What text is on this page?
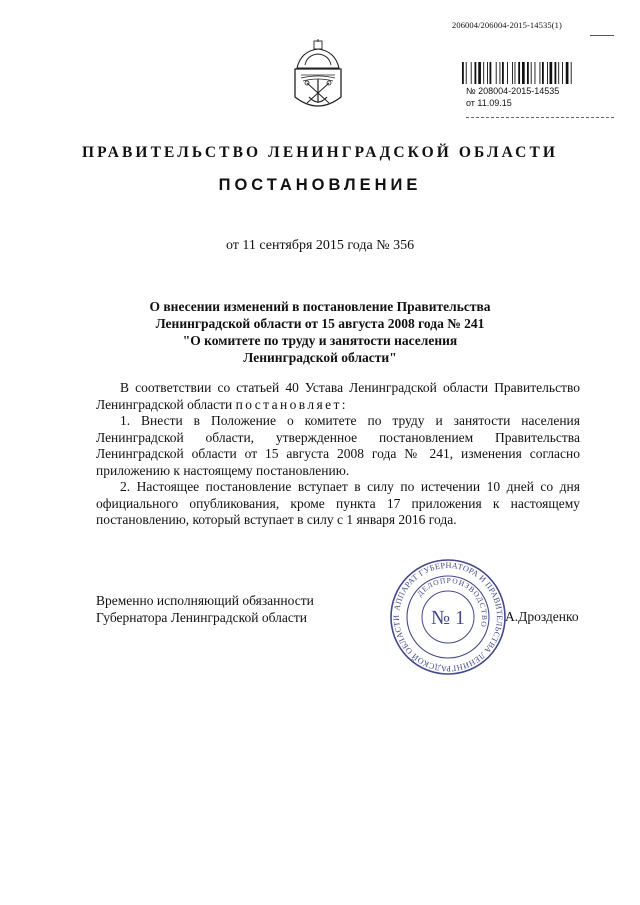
206004/206004-2015-14535(1)
№ 208004-2015-14535
от 11.09.15
ПРАВИТЕЛЬСТВО ЛЕНИНГРАДСКОЙ ОБЛАСТИ
ПОСТАНОВЛЕНИЕ
от 11 сентября 2015 года № 356
О внесении изменений в постановление Правительства
Ленинградской области от 15 августа 2008 года № 241
"О комитете по труду и занятости населения
Ленинградской области"

В соответствии со статьей 40 Устава Ленинградской области Правительство Ленинградской области постановляет:

1. Внести в Положение о комитете по труду и занятости населения Ленинградской области, утвержденное постановлением Правительства Ленинградской области от 15 августа 2008 года № 241, изменения согласно приложению к настоящему постановлению.

2. Настоящее постановление вступает в силу по истечении 10 дней со дня официального опубликования, кроме пункта 17 приложения к настоящему постановлению, который вступает в силу с 1 января 2016 года.

Временно исполняющий обязанности
Губернатора Ленинградской области	А.Дрозденко
АППАРАТ ГУБЕРНАТОРА И ПРАВИТЕЛЬСТВА ЛЕНИНГРАДСКОЙ ОБЛАСТИ
ДЕЛОПРОИЗВОДСТВО
№ 1
